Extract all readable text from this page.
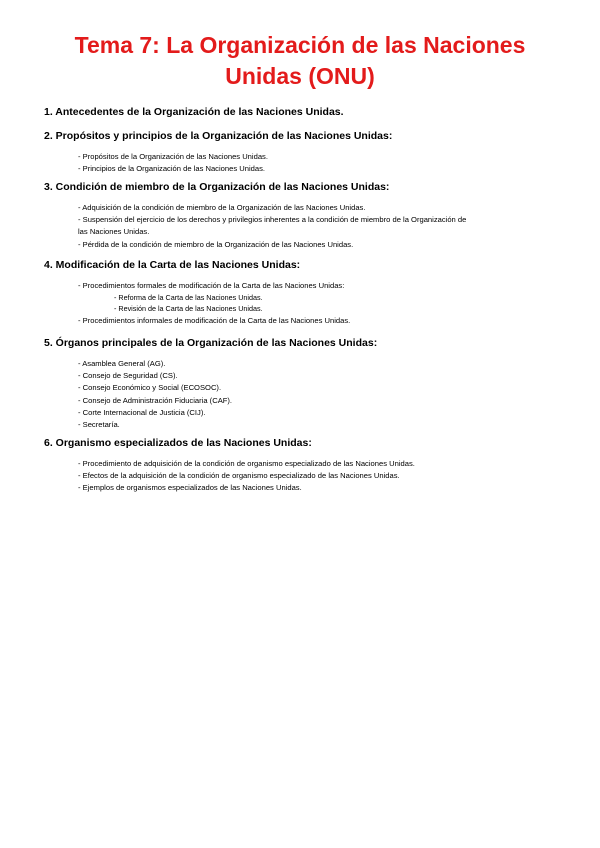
Tema 7: La Organización de las Naciones
Unidas (ONU)

1. Antecedentes de la Organización de las Naciones Unidas.

2. Propósitos y principios de la Organización de las Naciones Unidas:

- Propósitos de la Organización de las Naciones Unidas.
- Principios de la Organización de las Naciones Unidas.

3. Condición de miembro de la Organización de las Naciones Unidas:

- Adquisición de la condición de miembro de la Organización de las Naciones Unidas.
- Suspensión del ejercicio de los derechos y privilegios inherentes a la condición de miembro de la Organización de
las Naciones Unidas.
- Pérdida de la condición de miembro de la Organización de las Naciones Unidas.

4. Modificación de la Carta de las Naciones Unidas:

- Procedimientos formales de modificación de la Carta de las Naciones Unidas:
- Reforma de la Carta de las Naciones Unidas.
- Revisión de la Carta de las Naciones Unidas.
- Procedimientos informales de modificación de la Carta de las Naciones Unidas.

5. Órganos principales de la Organización de las Naciones Unidas:

- Asamblea General (AG).
- Consejo de Seguridad (CS).
- Consejo Económico y Social (ECOSOC).
- Consejo de Administración Fiduciaria (CAF).
- Corte Internacional de Justicia (CIJ).
- Secretaría.

6. Organismo especializados de las Naciones Unidas:

- Procedimiento de adquisición de la condición de organismo especializado de las Naciones Unidas.
- Efectos de la adquisición de la condición de organismo especializado de las Naciones Unidas.
- Ejemplos de organismos especializados de las Naciones Unidas.
